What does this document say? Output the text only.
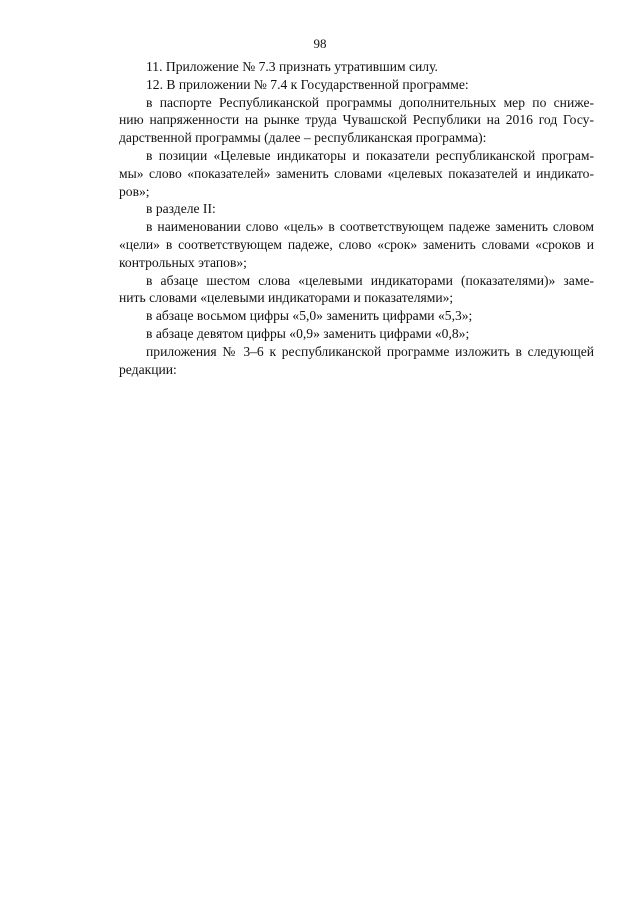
98
11. Приложение № 7.3 признать утратившим силу.
12. В приложении № 7.4 к Государственной программе:
в паспорте Республиканской программы дополнительных мер по сниже-
нию напряженности на рынке труда Чувашской Республики на 2016 год Госу-
дарственной программы (далее – республиканская программа):
в позиции «Целевые индикаторы и показатели республиканской програм-
мы» слово «показателей» заменить словами «целевых показателей и индикато-
ров»;
в разделе II:
в наименовании слово «цель» в соответствующем падеже заменить словом
«цели» в соответствующем падеже, слово «срок» заменить словами «сроков и
контрольных этапов»;
в абзаце шестом слова «целевыми индикаторами (показателями)» заме-
нить словами «целевыми индикаторами и показателями»;
в абзаце восьмом цифры «5,0» заменить цифрами «5,3»;
в абзаце девятом цифры «0,9» заменить цифрами «0,8»;
приложения № 3–6 к республиканской программе изложить в следующей
редакции:
